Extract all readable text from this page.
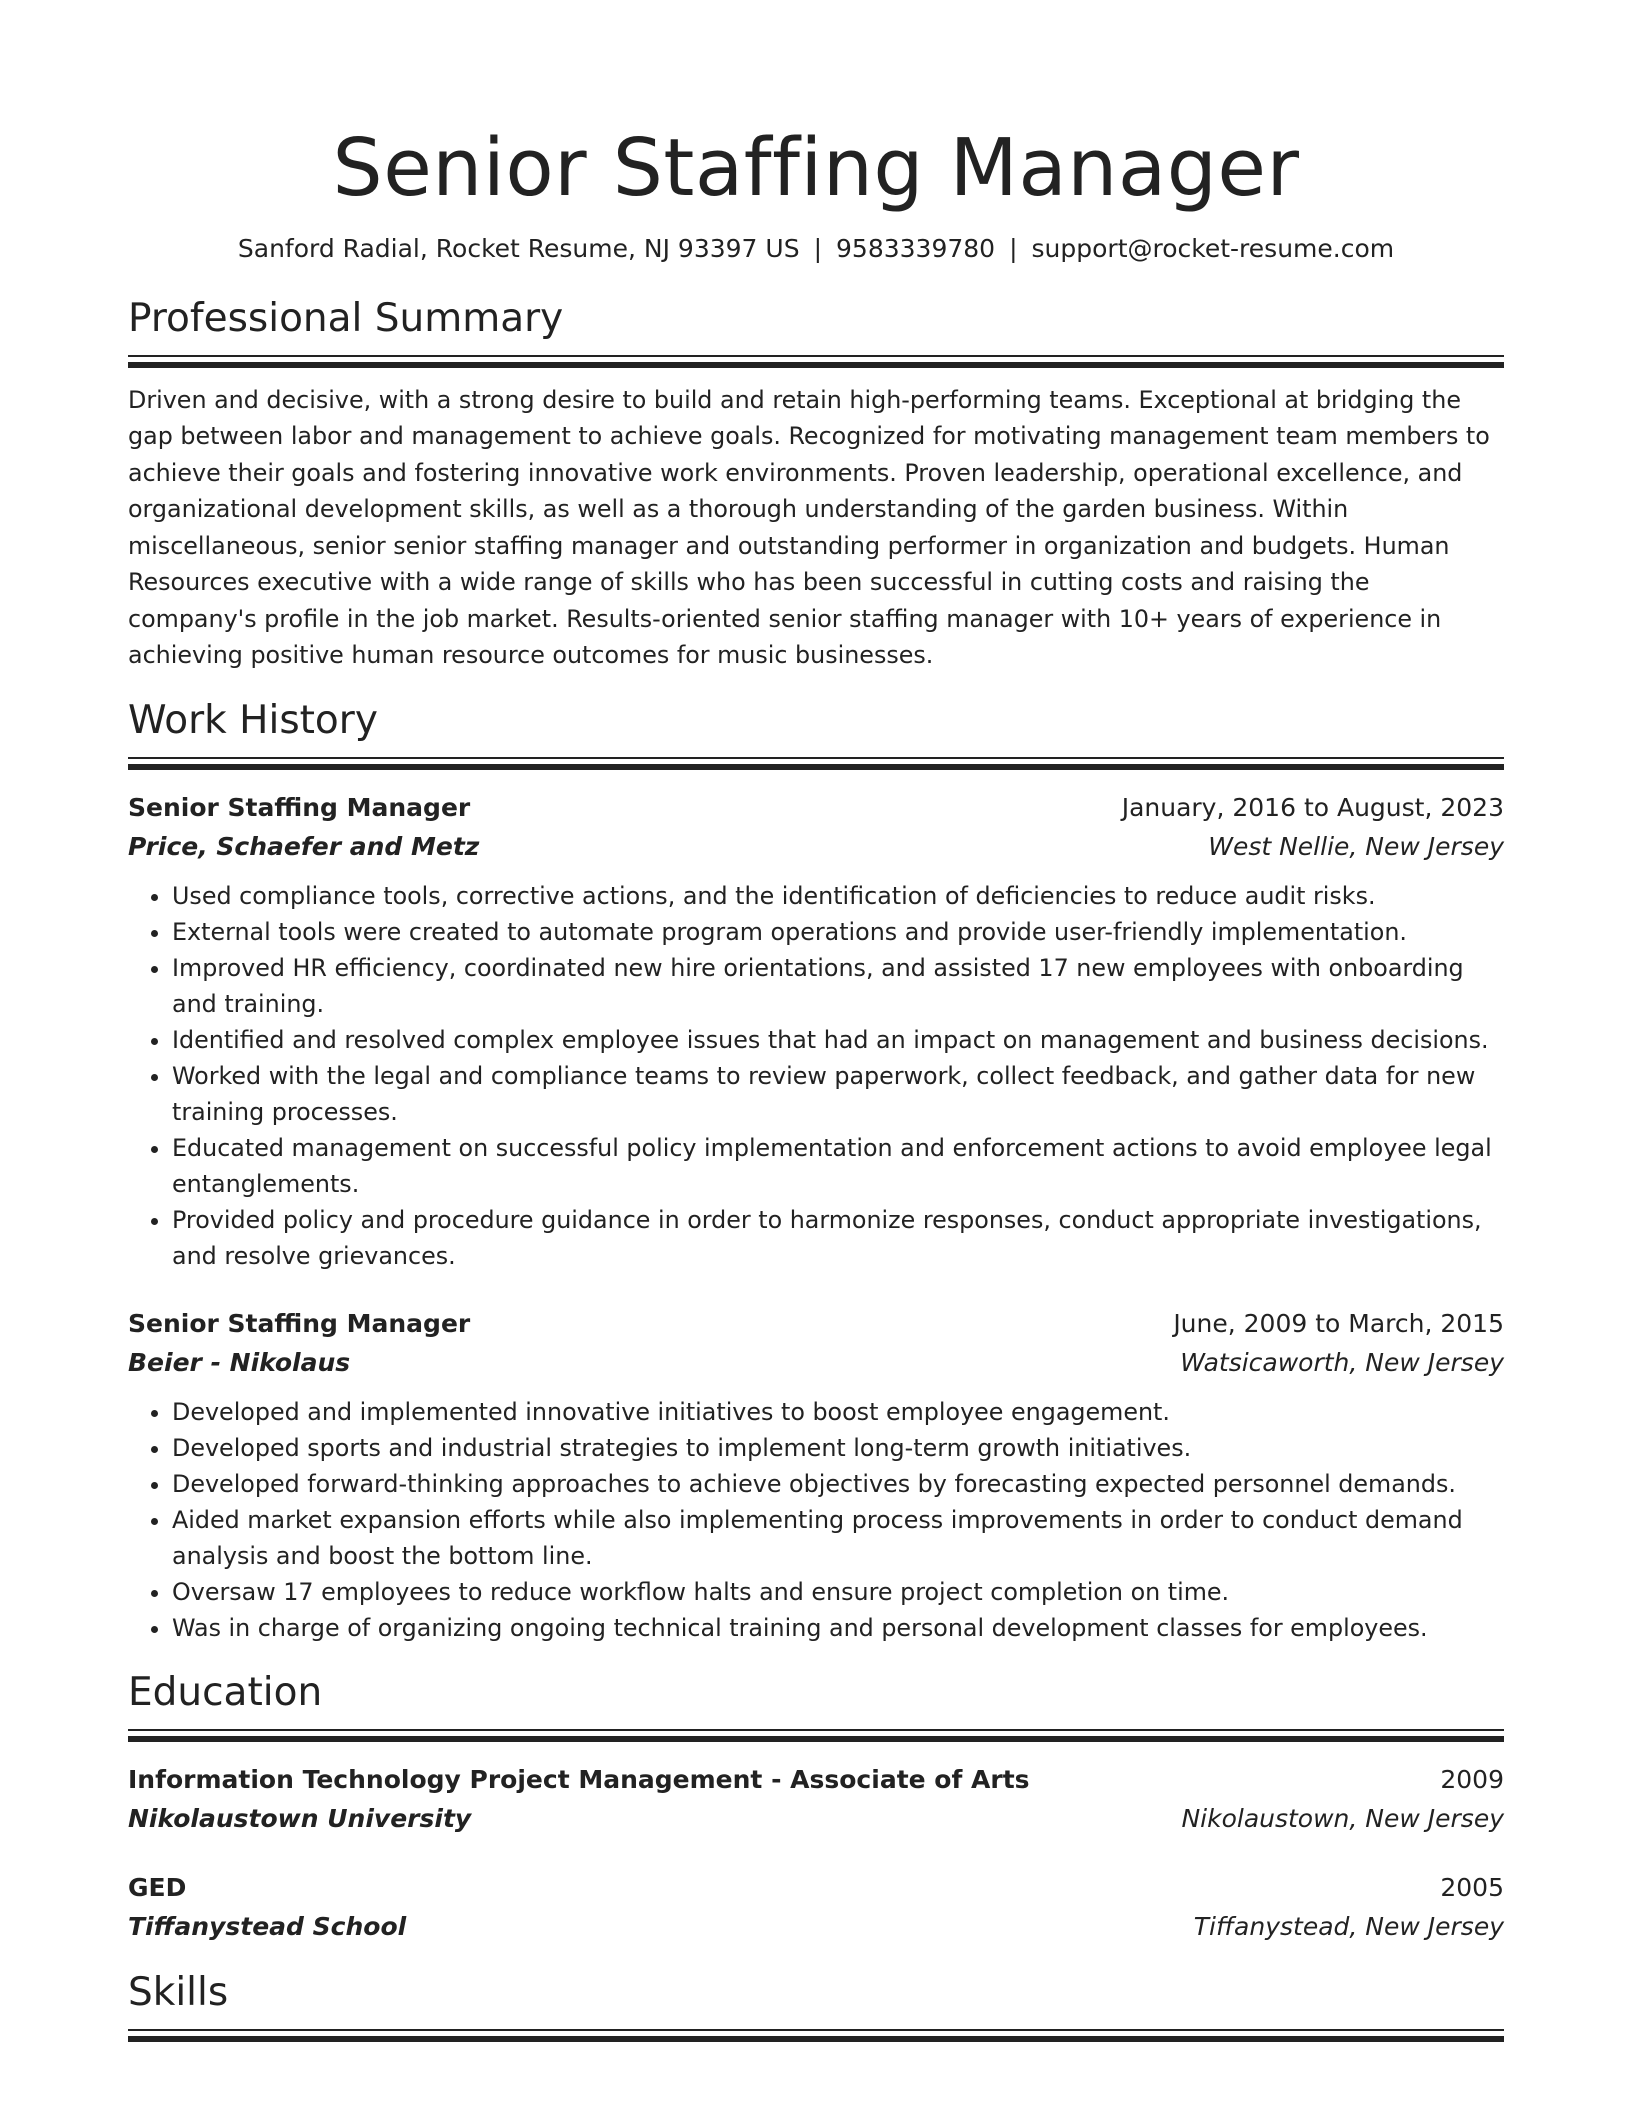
Senior Staffing Manager
Sanford Radial, Rocket Resume, NJ 93397 US | 9583339780 | support@rocket-resume.com
Professional Summary
Driven and decisive, with a strong desire to build and retain high-performing teams. Exceptional at bridging the gap between labor and management to achieve goals. Recognized for motivating management team members to achieve their goals and fostering innovative work environments. Proven leadership, operational excellence, and organizational development skills, as well as a thorough understanding of the garden business. Within miscellaneous, senior senior staffing manager and outstanding performer in organization and budgets. Human Resources executive with a wide range of skills who has been successful in cutting costs and raising the company's profile in the job market. Results-oriented senior staffing manager with 10+ years of experience in achieving positive human resource outcomes for music businesses.
Work History
Senior Staffing Manager	January, 2016 to August, 2023
Price, Schaefer and Metz	West Nellie, New Jersey
• Used compliance tools, corrective actions, and the identification of deficiencies to reduce audit risks.
• External tools were created to automate program operations and provide user-friendly implementation.
• Improved HR efficiency, coordinated new hire orientations, and assisted 17 new employees with onboarding and training.
• Identified and resolved complex employee issues that had an impact on management and business decisions.
• Worked with the legal and compliance teams to review paperwork, collect feedback, and gather data for new training processes.
• Educated management on successful policy implementation and enforcement actions to avoid employee legal entanglements.
• Provided policy and procedure guidance in order to harmonize responses, conduct appropriate investigations, and resolve grievances.
Senior Staffing Manager	June, 2009 to March, 2015
Beier - Nikolaus	Watsicaworth, New Jersey
• Developed and implemented innovative initiatives to boost employee engagement.
• Developed sports and industrial strategies to implement long-term growth initiatives.
• Developed forward-thinking approaches to achieve objectives by forecasting expected personnel demands.
• Aided market expansion efforts while also implementing process improvements in order to conduct demand analysis and boost the bottom line.
• Oversaw 17 employees to reduce workflow halts and ensure project completion on time.
• Was in charge of organizing ongoing technical training and personal development classes for employees.
Education
Information Technology Project Management - Associate of Arts	2009
Nikolaustown University	Nikolaustown, New Jersey
GED	2005
Tiffanystead School	Tiffanystead, New Jersey
Skills
